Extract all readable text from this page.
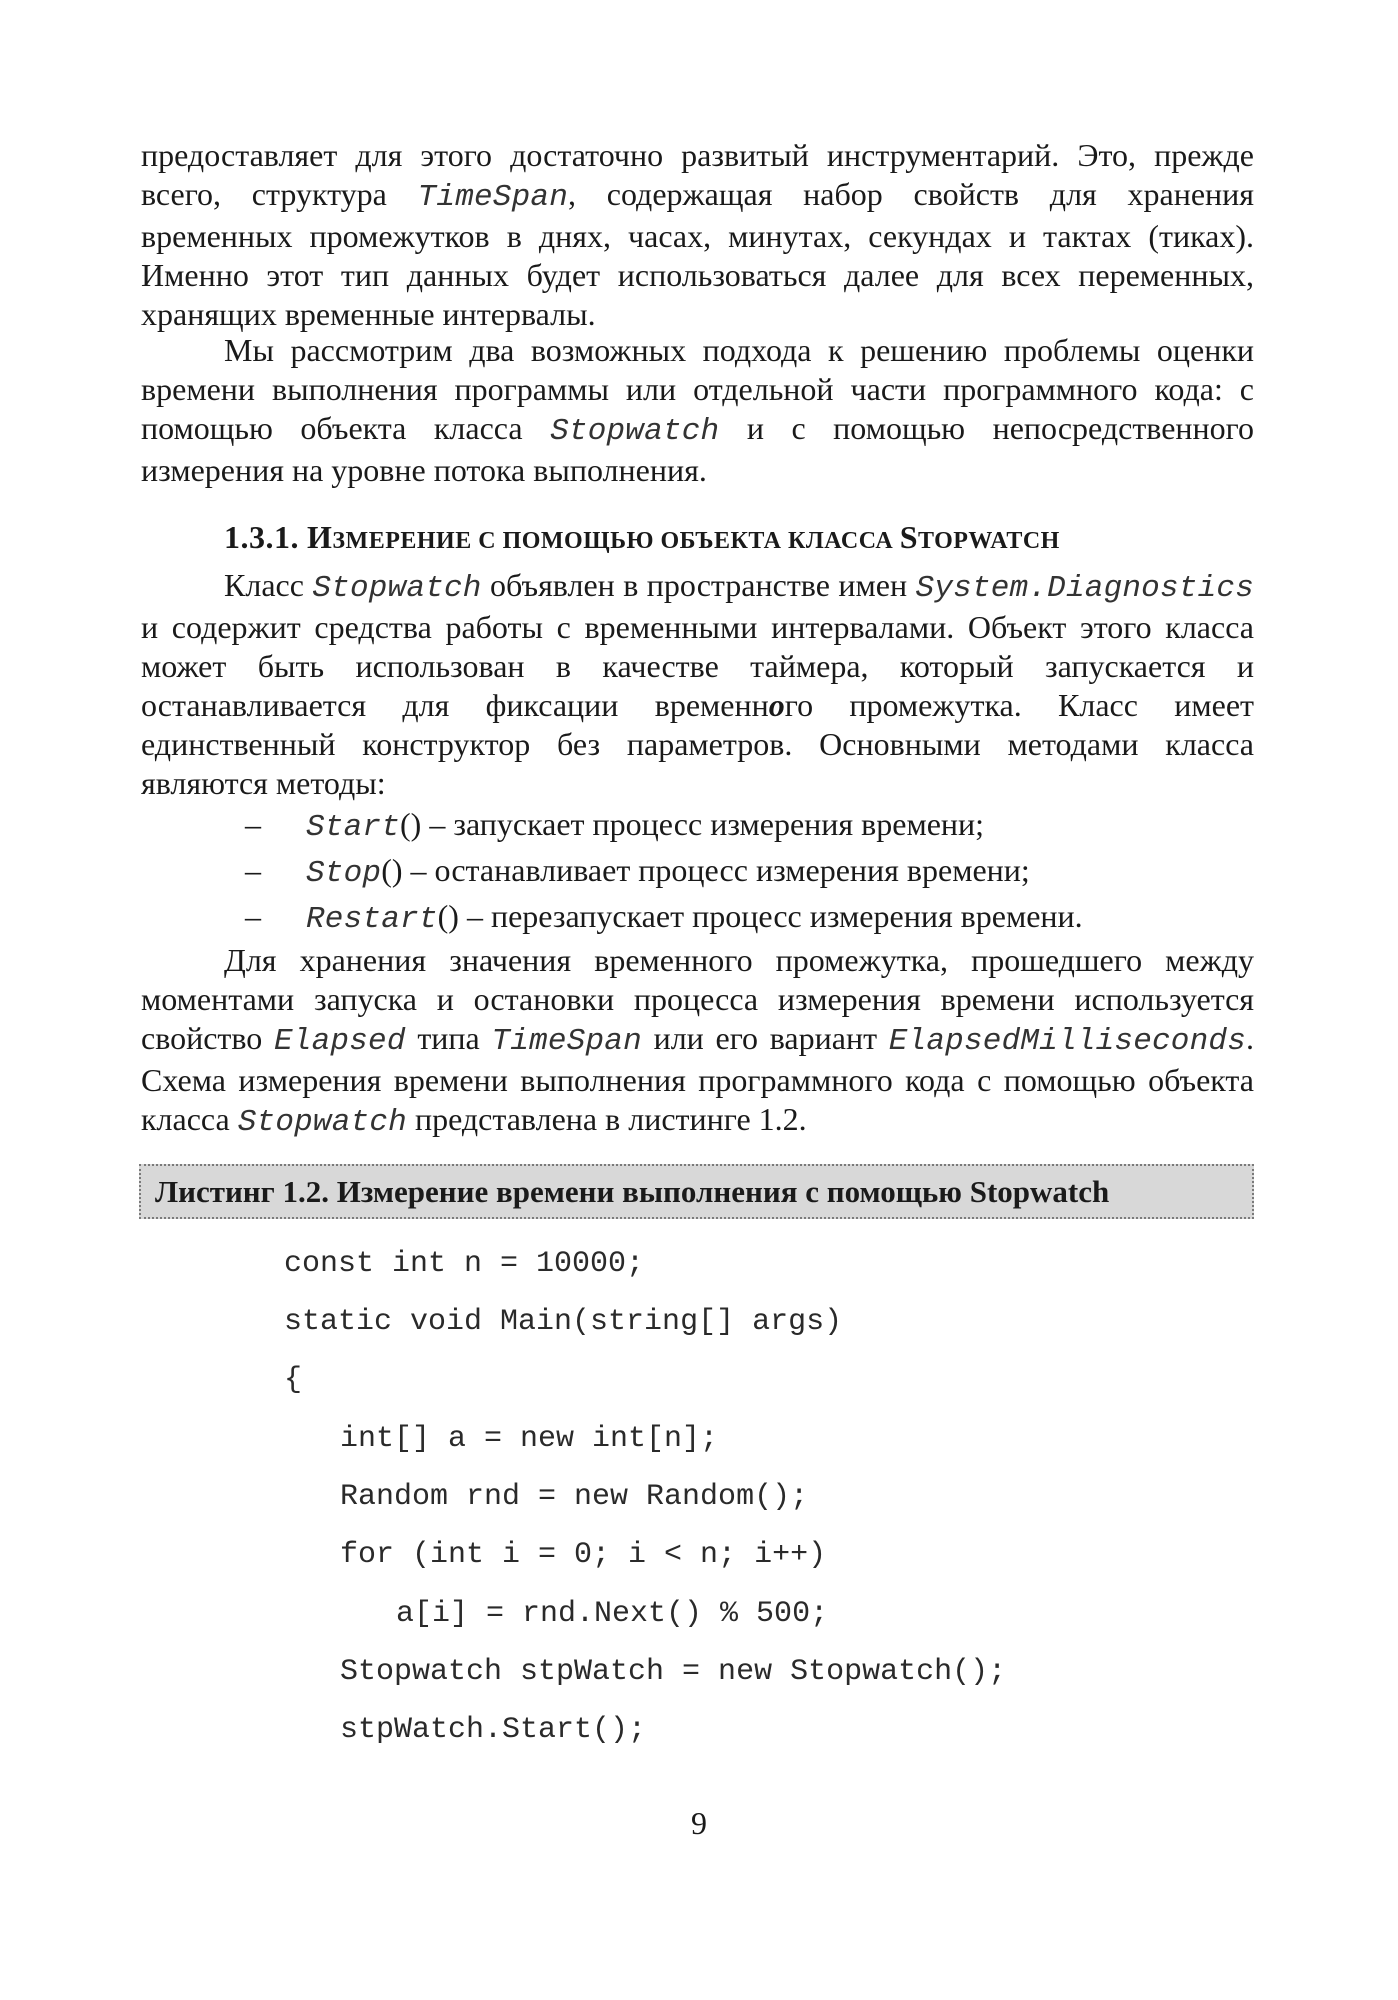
предоставляет для этого достаточно развитый инструментарий. Это, прежде всего, структура TimeSpan, содержащая набор свойств для хранения временных промежутков в днях, часах, минутах, секундах и тактах (тиках). Именно этот тип данных будет использоваться далее для всех переменных, хранящих временные интервалы.

Мы рассмотрим два возможных подхода к решению проблемы оценки времени выполнения программы или отдельной части программного кода: с помощью объекта класса Stopwatch и с помощью непосредственного измерения на уровне потока выполнения.

1.3.1. ИЗМЕРЕНИЕ С ПОМОЩЬЮ ОБЪЕКТА КЛАССА STOPWATCH

Класс Stopwatch объявлен в пространстве имен System.Diagnostics и содержит средства работы с временными интервалами. Объект этого класса может быть использован в качестве таймера, который запускается и останавливается для фиксации временного промежутка. Класс имеет единственный конструктор без параметров. Основными методами класса являются методы:

– Start() – запускает процесс измерения времени;
– Stop() – останавливает процесс измерения времени;
– Restart() – перезапускает процесс измерения времени.

Для хранения значения временного промежутка, прошедшего между моментами запуска и остановки процесса измерения времени используется свойство Elapsed типа TimeSpan или его вариант ElapsedMilliseconds. Схема измерения времени выполнения программного кода с помощью объекта класса Stopwatch представлена в листинге 1.2.

Листинг 1.2. Измерение времени выполнения с помощью Stopwatch
const int n = 10000;
static void Main(string[] args)
{
int[] a = new int[n];
Random rnd = new Random();
for (int i = 0; i < n; i++)
a[i] = rnd.Next() % 500;
Stopwatch stpWatch = new Stopwatch();
stpWatch.Start();
9
